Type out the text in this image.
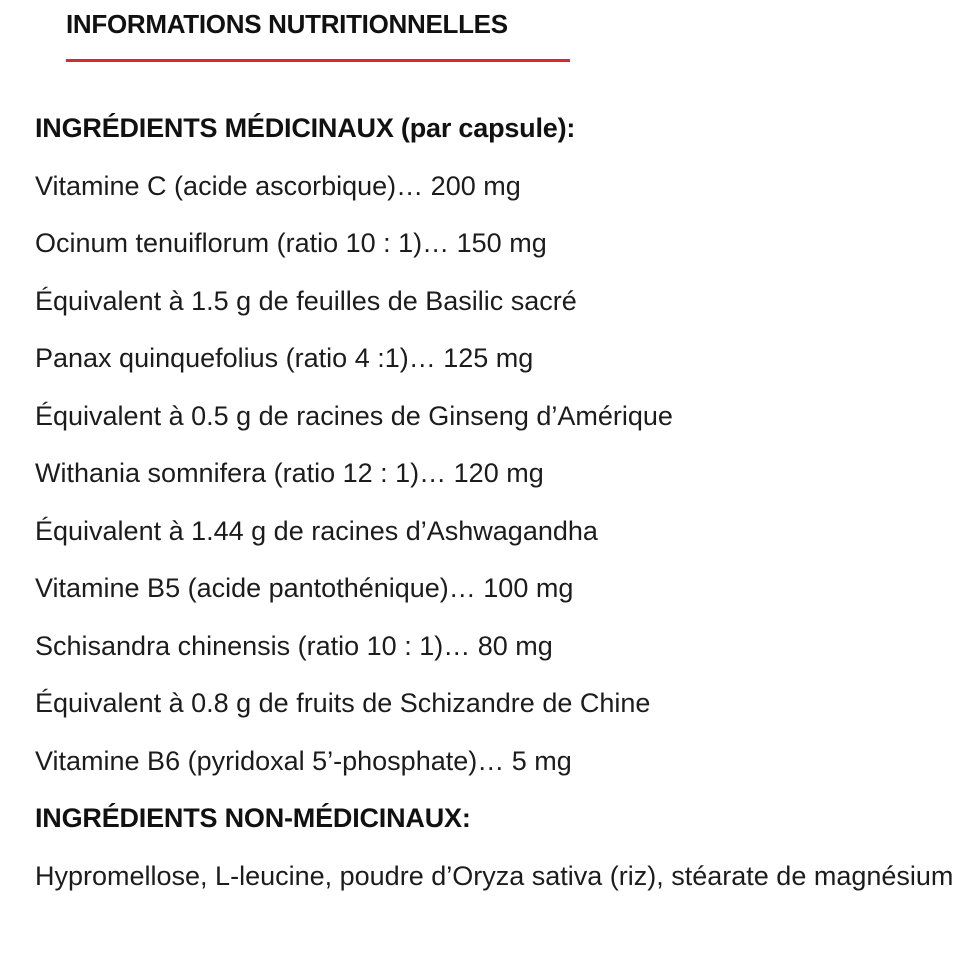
INFORMATIONS NUTRITIONNELLES
INGRÉDIENTS MÉDICINAUX (par capsule):
Vitamine C (acide ascorbique)… 200 mg
Ocinum tenuiflorum (ratio 10 : 1)… 150 mg
Équivalent à 1.5 g de feuilles de Basilic sacré
Panax quinquefolius (ratio 4 :1)… 125 mg
Équivalent à 0.5 g de racines de Ginseng d’Amérique
Withania somnifera (ratio 12 : 1)… 120 mg
Équivalent à 1.44 g de racines d’Ashwagandha
Vitamine B5 (acide pantothénique)… 100 mg
Schisandra chinensis (ratio 10 : 1)… 80 mg
Équivalent à 0.8 g de fruits de Schizandre de Chine
Vitamine B6 (pyridoxal 5’-phosphate)… 5 mg
INGRÉDIENTS NON-MÉDICINAUX:
Hypromellose, L-leucine, poudre d’Oryza sativa (riz), stéarate de magnésium
